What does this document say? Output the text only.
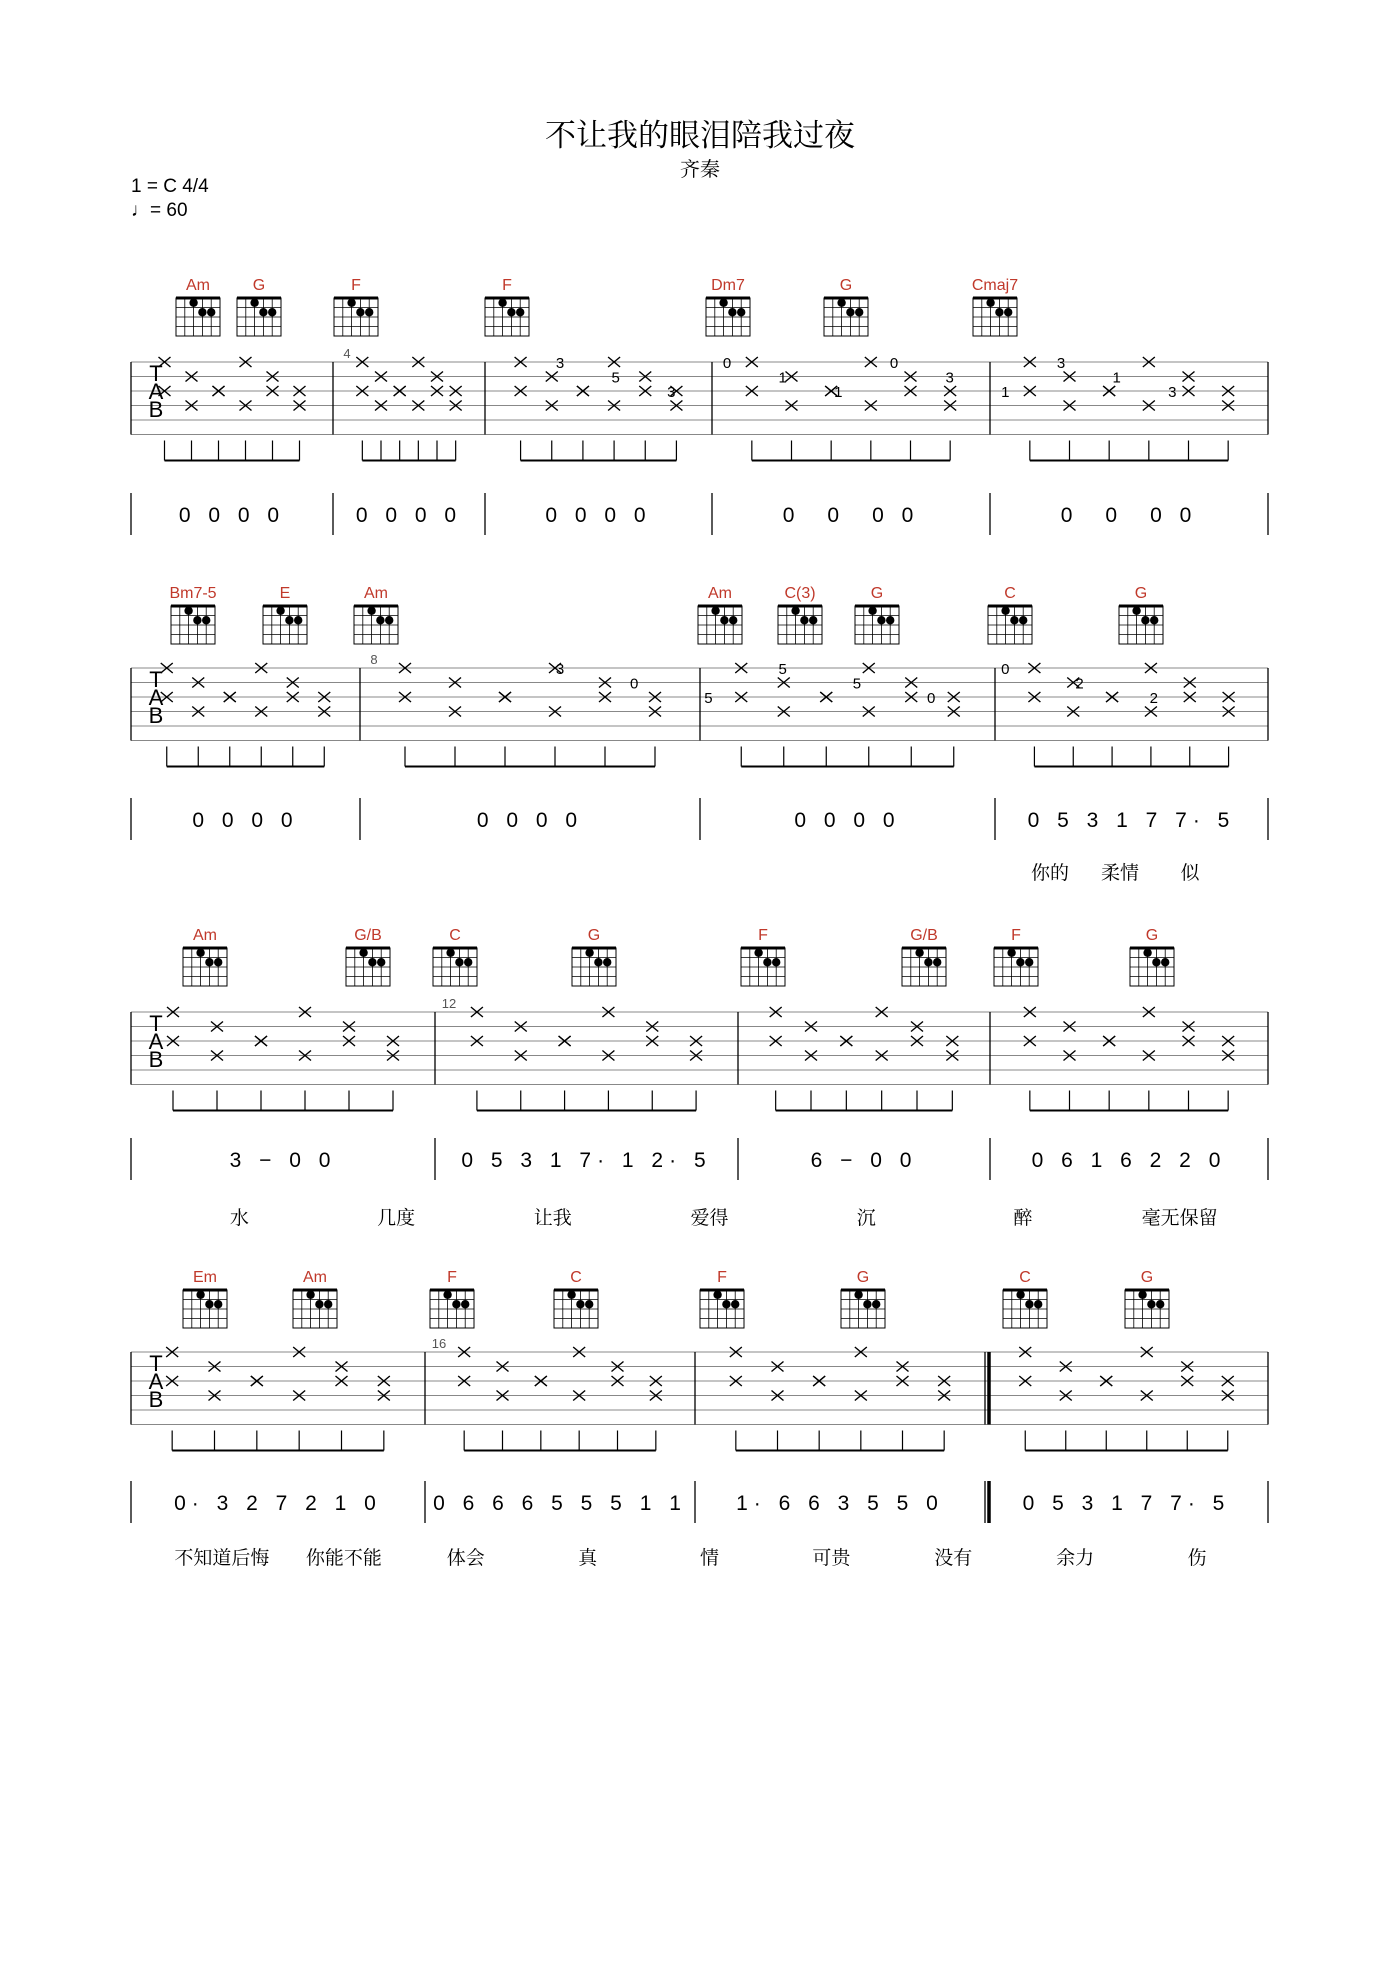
不让我的眼泪陪我过夜
齐秦
1 = C 4/4
♩= 60
Am	G	F	F	Dm7	G	Cmaj7
T
A
B
4
3
5
3
0
1
1
0
3
1
3
1
3
0 0 0 0	0 0 0 0	0 0 0 0	0　0　0 0	0　0　0 0
Bm7-5	E	Am	Am	C(3)	G	C	G
T
A
B
8
3
0
5
5
5
0
0
2
2
0 0 0 0	0 0 0 0	0 0 0 0	0 5 3 1 7 7· 5
你的 柔情 似
Am	G/B	C	G	F	G/B	F	G
T
A
B
12
3 − 0 0	0 5 3 1 7· 1 2· 5	6 − 0 0	0 6 1 6 2 2 0
水	几度	让我	爱得	沉	醉	毫无保留
Em	Am	F	C	F	G	C	G
T
A
B
16
0· 3 2 7 2 1 0 0 6 6 6 5 5 5 1 1 1· 6 6 3 5 5 0	0 5 3 1 7 7· 5
不知道后悔 你能不能	体会	真	情	可贵	没有	余力	伤
